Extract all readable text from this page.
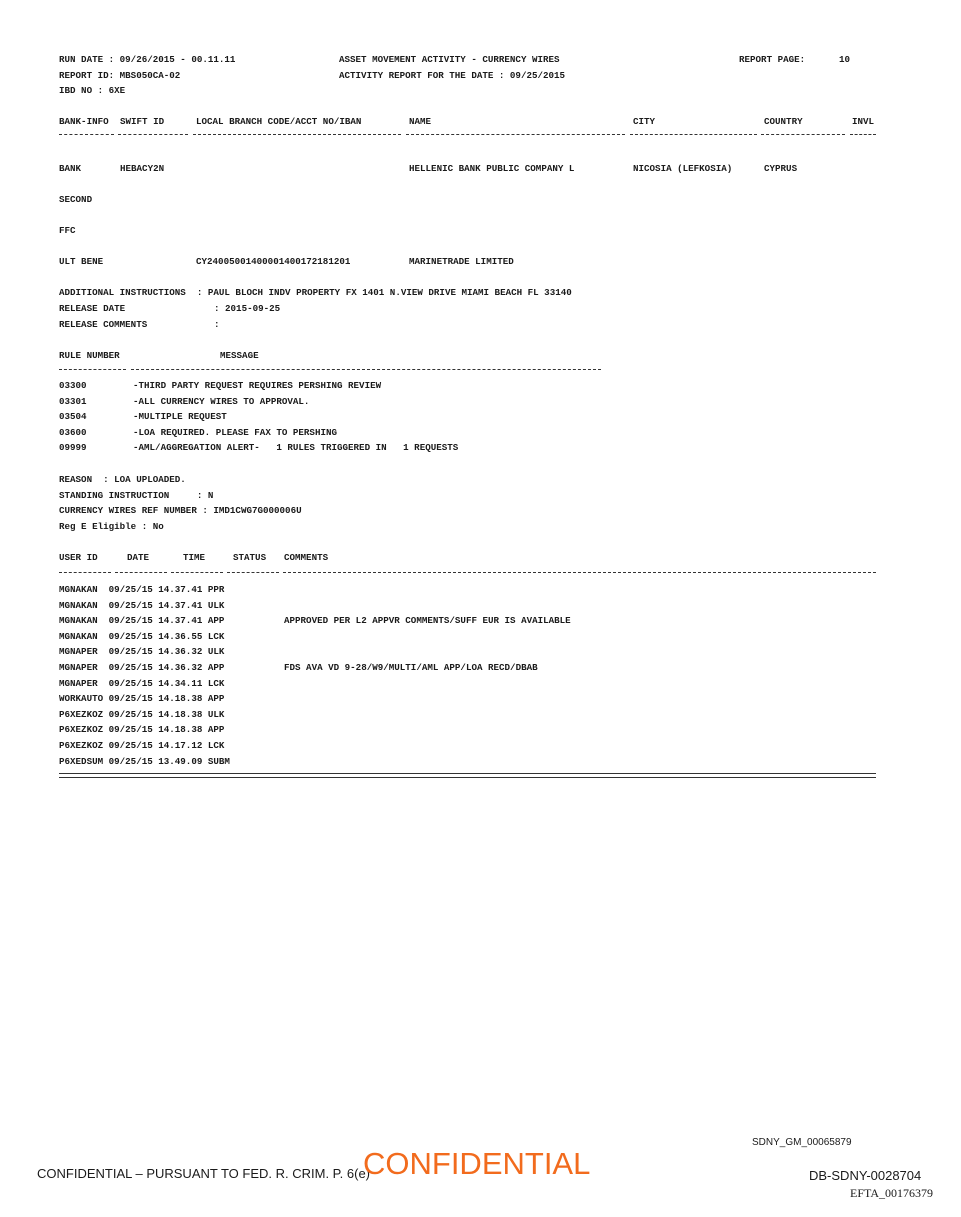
RUN DATE : 09/26/2015 - 00.11.11
REPORT ID: MBS050CA-02
IBD NO : 6XE
ASSET MOVEMENT ACTIVITY - CURRENCY WIRES
ACTIVITY REPORT FOR THE DATE : 09/25/2015
REPORT PAGE:	10
BANK-INFO SWIFT ID	LOCAL BRANCH CODE/ACCT NO/IBAN	NAME	CITY	COUNTRY	INVL
BANK	HEBACY2N	HELLENIC BANK PUBLIC COMPANY L	NICOSIA (LEFKOSIA)	CYPRUS
SECOND
FFC
ULT BENE	CY24005001400001400172181201	MARINETRADE LIMITED
ADDITIONAL INSTRUCTIONS  : PAUL BLOCH INDV PROPERTY FX 1401 N.VIEW DRIVE MIAMI BEACH FL 33140
RELEASE DATE	: 2015-09-25
RELEASE COMMENTS	:
RULE NUMBER	MESSAGE
03300	-THIRD PARTY REQUEST REQUIRES PERSHING REVIEW
03301	-ALL CURRENCY WIRES TO APPROVAL.
03504	-MULTIPLE REQUEST
03600	-LOA REQUIRED. PLEASE FAX TO PERSHING
09999	-AML/AGGREGATION ALERT-   1 RULES TRIGGERED IN   1 REQUESTS
REASON  : LOA UPLOADED.
STANDING INSTRUCTION     : N
CURRENCY WIRES REF NUMBER : IMD1CWG7G000006U
Reg E Eligible : No
USER ID	DATE	TIME	STATUS COMMENTS
MGNAKAN  09/25/15 14.37.41 PPR
MGNAKAN  09/25/15 14.37.41 ULK
MGNAKAN  09/25/15 14.37.41 APP	APPROVED PER L2 APPVR COMMENTS/SUFF EUR IS AVAILABLE
MGNAKAN  09/25/15 14.36.55 LCK
MGNAPER  09/25/15 14.36.32 ULK
MGNAPER  09/25/15 14.36.32 APP	FDS AVA VD 9-28/W9/MULTI/AML APP/LOA RECD/DBAB
MGNAPER  09/25/15 14.34.11 LCK
WORKAUTO 09/25/15 14.18.38 APP
P6XEZKOZ 09/25/15 14.18.38 ULK
P6XEZKOZ 09/25/15 14.18.38 APP
P6XEZKOZ 09/25/15 14.17.12 LCK
P6XEDSUM 09/25/15 13.49.09 SUBM
SDNY_GM_00065879
CONFIDENTIAL – PURSUANT TO FED. R. CRIM. P. 6(e)
CONFIDENTIAL	DB-SDNY-0028704
EFTA_00176379
